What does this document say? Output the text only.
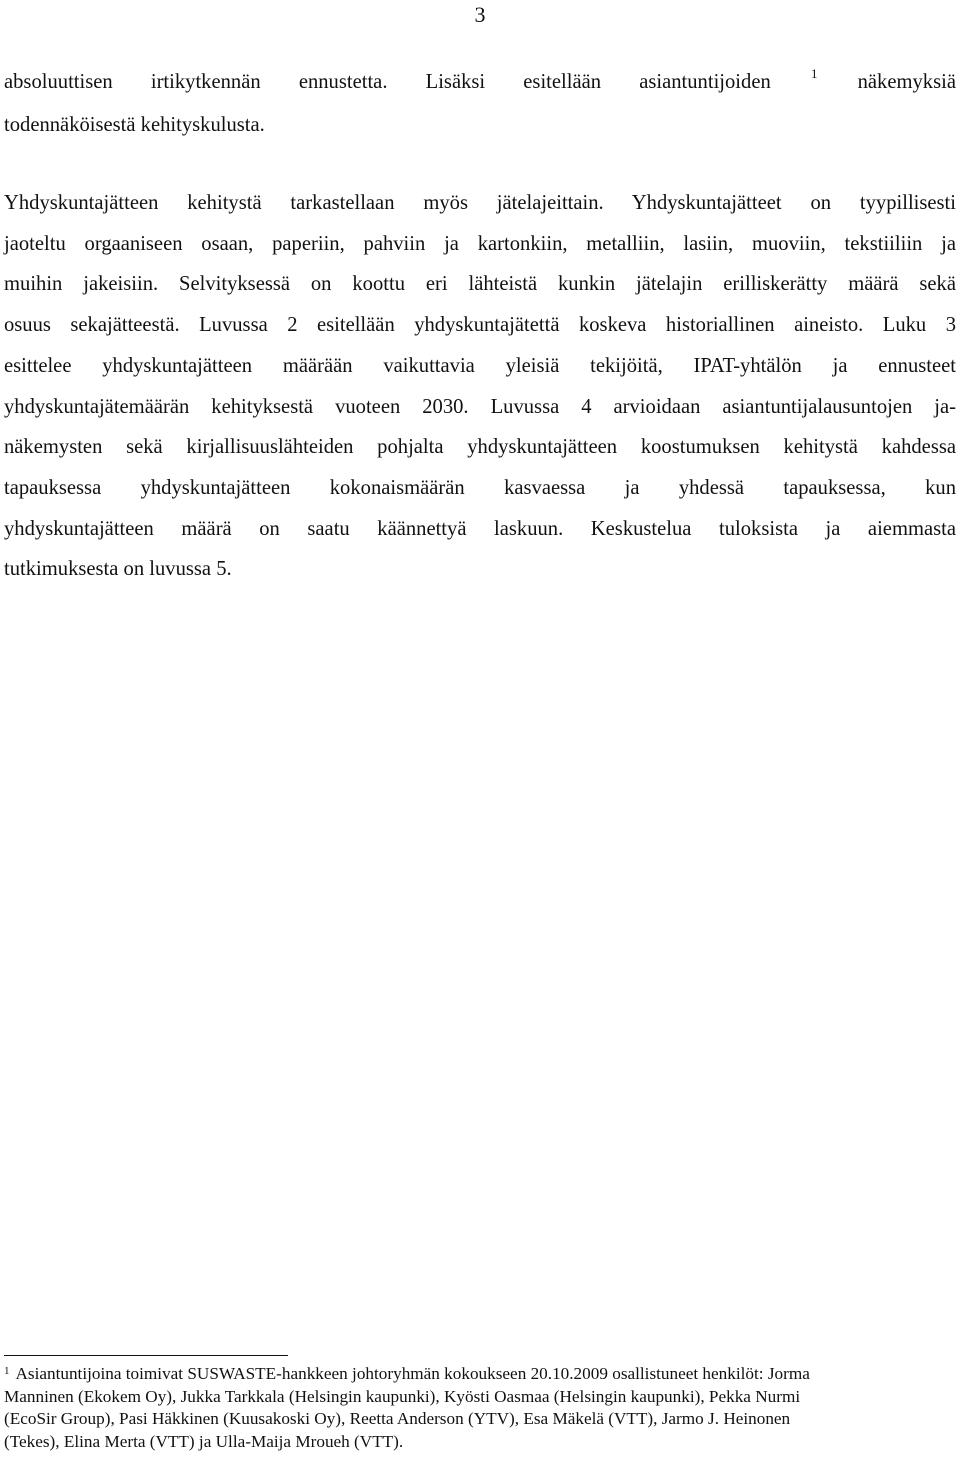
3
absoluuttisen irtikytkennän ennustetta. Lisäksi esitellään asiantuntijoiden	$^1$ näkemyksiä
todennäköisestä kehityskulusta.
Yhdyskuntajätteen kehitystä tarkastellaan myös jätelajeittain. Yhdyskuntajätteet on tyypillisesti
jaoteltu orgaaniseen osaan, paperiin, pahviin ja kartonkiin, metalliin, lasiin, muoviin, tekstiiliin ja
muihin jakeisiin. Selvityksessä on koottu eri lähteistä kunkin jätelajin erilliskerätty määrä sekä
osuus sekajätteestä. Luvussa 2 esitellään yhdyskuntajätettä koskeva historiallinen aineisto. Luku 3
esittelee yhdyskuntajätteen määrään vaikuttavia yleisiä tekijöitä, IPAT-yhtälön ja ennusteet
yhdyskuntajätemäärän kehityksestä vuoteen 2030. Luvussa 4 arvioidaan asiantuntijalausuntojen ja-
näkemysten sekä kirjallisuuslähteiden pohjalta yhdyskuntajätteen koostumuksen kehitystä kahdessa
tapauksessa yhdyskuntajätteen kokonaismäärän kasvaessa ja yhdessä tapauksessa, kun
yhdyskuntajätteen määrä on saatu käännettyä laskuun. Keskustelua tuloksista ja aiemmasta
tutkimuksesta on luvussa 5.
$^1$ Asiantuntijoina toimivat SUSWASTE-hankkeen johtoryhmän kokoukseen 20.10.2009 osallistuneet henkilöt: Jorma
Manninen (Ekokem Oy), Jukka Tarkkala (Helsingin kaupunki), Kyösti Oasmaa (Helsingin kaupunki), Pekka Nurmi
(EcoSir Group), Pasi Häkkinen (Kuusakoski Oy), Reetta Anderson (YTV), Esa Mäkelä (VTT), Jarmo J. Heinonen
(Tekes), Elina Merta (VTT) ja Ulla-Maija Mroueh (VTT).
